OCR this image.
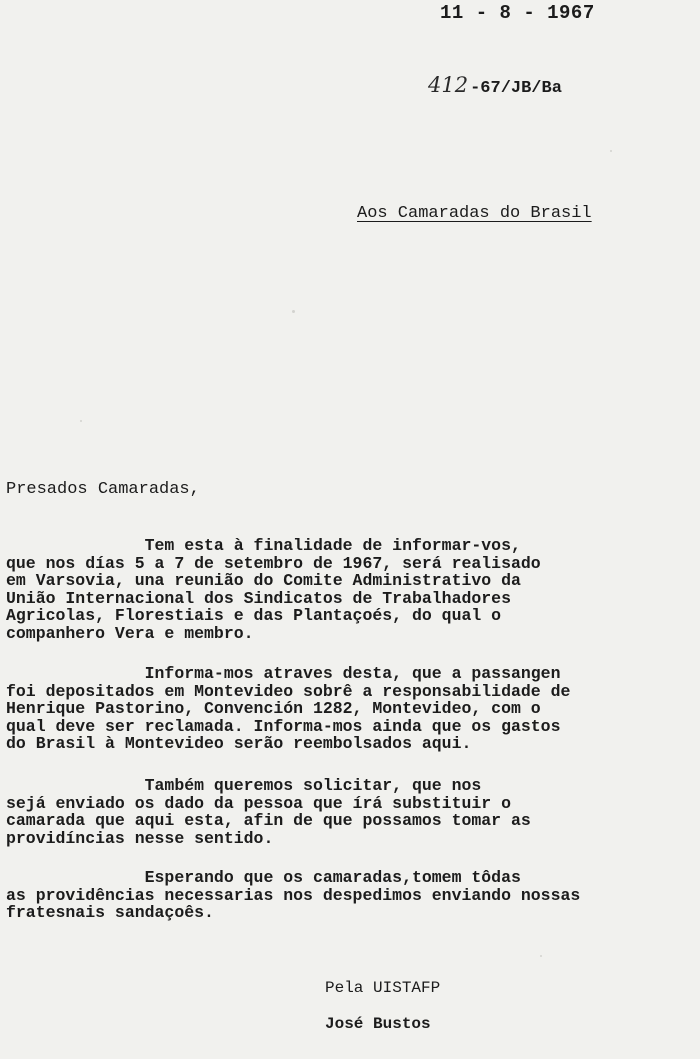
11 - 8 - 1967
412 -67/JB/Ba
Aos Camaradas do Brasil
Presados Camaradas,
Tem esta à finalidade de informar-vos,
que nos días 5 a 7 de setembro de 1967, será realisado
em Varsovia, una reunião do Comite Administrativo da
União Internacional dos Sindicatos de Trabalhadores
Agricolas, Florestiais e das Plantaçoés, do qual o
companhero Vera e membro.
Informa-mos atraves desta, que a passangen
foi depositados em Montevideo sobrê a responsabilidade de
Henrique Pastorino, Convención 1282, Montevideo, com o
qual deve ser reclamada. Informa-mos ainda que os gastos
do Brasil à Montevideo serão reembolsados aqui.
Também queremos solicitar, que nos
sejá enviado os dado da pessoa que írá substituir o
camarada que aqui esta, afin de que possamos tomar as
providíncias nesse sentido.
Esperando que os camaradas,tomem tôdas
as providências necessarias nos despedimos enviando nossas
fratesnais sandaçoês.
Pela UISTAFP
José Bustos
